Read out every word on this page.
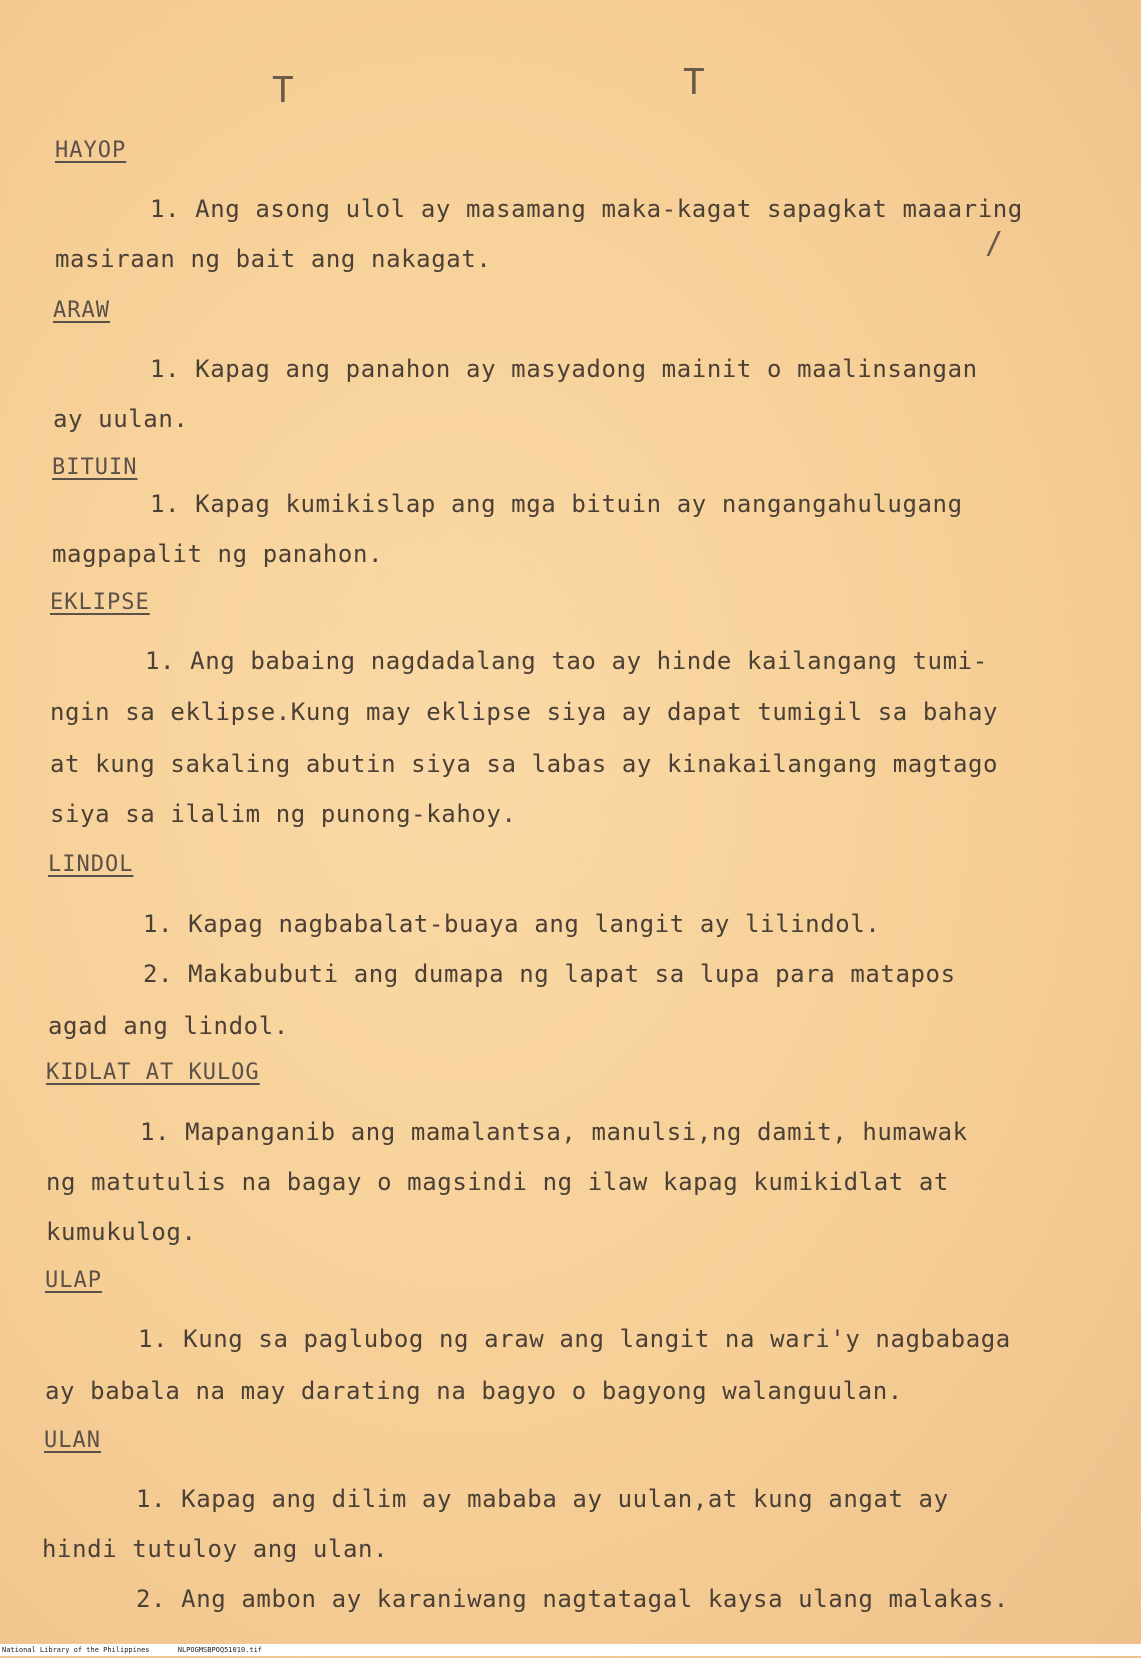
T	T
/
HAYOP
1. Ang asong ulol ay masamang maka-kagat sapagkat maaaring
masiraan ng bait ang nakagat.
ARAW
1. Kapag ang panahon ay masyadong mainit o maalinsangan
ay uulan.
BITUIN
1. Kapag kumikislap ang mga bituin ay nangangahulugang
magpapalit ng panahon.
EKLIPSE
1. Ang babaing nagdadalang tao ay hinde kailangang tumi-
ngin sa eklipse.Kung may eklipse siya ay dapat tumigil sa bahay
at kung sakaling abutin siya sa labas ay kinakailangang magtago
siya sa ilalim ng punong-kahoy.
LINDOL
1. Kapag nagbabalat-buaya ang langit ay lilindol.
2. Makabubuti ang dumapa ng lapat sa lupa para matapos
agad ang lindol.
KIDLAT AT KULOG
1. Mapanganib ang mamalantsa, manulsi,ng damit, humawak
ng matutulis na bagay o magsindi ng ilaw kapag kumikidlat at
kumukulog.
ULAP
1. Kung sa paglubog ng araw ang langit na wari'y nagbabaga
ay babala na may darating na bagyo o bagyong walanguulan.
ULAN
1. Kapag ang dilim ay mababa ay uulan,at kung angat ay
hindi tutuloy ang ulan.
2. Ang ambon ay karaniwang nagtatagal kaysa ulang malakas.
National Library of the Philippines	NLPOGMSBPOQ51010.tif
